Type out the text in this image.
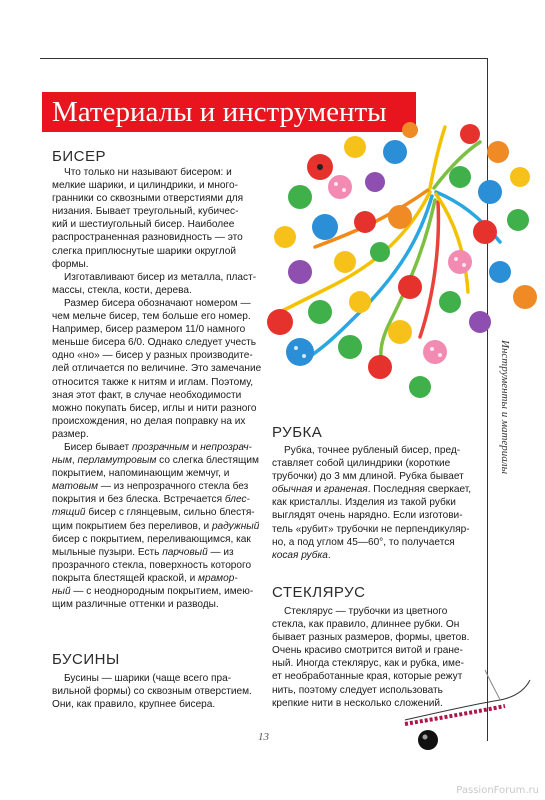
Материалы и инструменты
БИСЕР
Что только ни называют бисером: и
мелкие шарики, и цилиндрики, и много-
гранники со сквозными отверстиями для
низания. Бывает треугольный, кубичес-
кий и шестиугольный бисер. Наиболее
распространенная разновидность — это
слегка приплюснутые шарики округлой
формы.
Изготавливают бисер из металла, пласт-
массы, стекла, кости, дерева.
Размер бисера обозначают номером —
чем мельче бисер, тем больше его номер.
Например, бисер размером 11/0 намного
меньше бисера 6/0. Однако следует учесть
одно «но» — бисер у разных производите-
лей отличается по величине. Это замечание
относится также к нитям и иглам. Поэтому,
зная этот факт, в случае необходимости
можно покупать бисер, иглы и нити разного
происхождения, но делая поправку на их
размер.
Бисер бывает прозрачным и непрозрач-
ным, перламутровым со слегка блестящим
покрытием, напоминающим жемчуг, и
матовым — из непрозрачного стекла без
покрытия и без блеска. Встречается блес-
тящий бисер с глянцевым, сильно блестя-
щим покрытием без переливов, и радужный
бисер с покрытием, переливающимся, как
мыльные пузыри. Есть парчовый — из
прозрачного стекла, поверхность которого
покрыта блестящей краской, и мрамор-
ный — с неоднородным покрытием, имею-
щим различные оттенки и разводы.
БУСИНЫ
Бусины — шарики (чаще всего пра-
вильной формы) со сквозным отверстием.
Они, как правило, крупнее бисера.
РУБКА
Рубка, точнее рубленый бисер, пред-
ставляет собой цилиндрики (короткие
трубочки) до 3 мм длиной. Рубка бывает
обычная и граненая. Последняя сверкает,
как кристаллы. Изделия из такой рубки
выглядят очень нарядно. Если изготови-
тель «рубит» трубочки не перпендикуляр-
но, а под углом 45—60°, то получается
косая рубка.
СТЕКЛЯРУС
Стеклярус — трубочки из цветного
стекла, как правило, длиннее рубки. Он
бывает разных размеров, формы, цветов.
Очень красиво смотрится витой и гране-
ный. Иногда стеклярус, как и рубка, име-
ет необработанные края, которые режут
нить, поэтому следует использовать
крепкие нити в несколько сложений.
Инструменты и материалы
13
PassionForum.ru
